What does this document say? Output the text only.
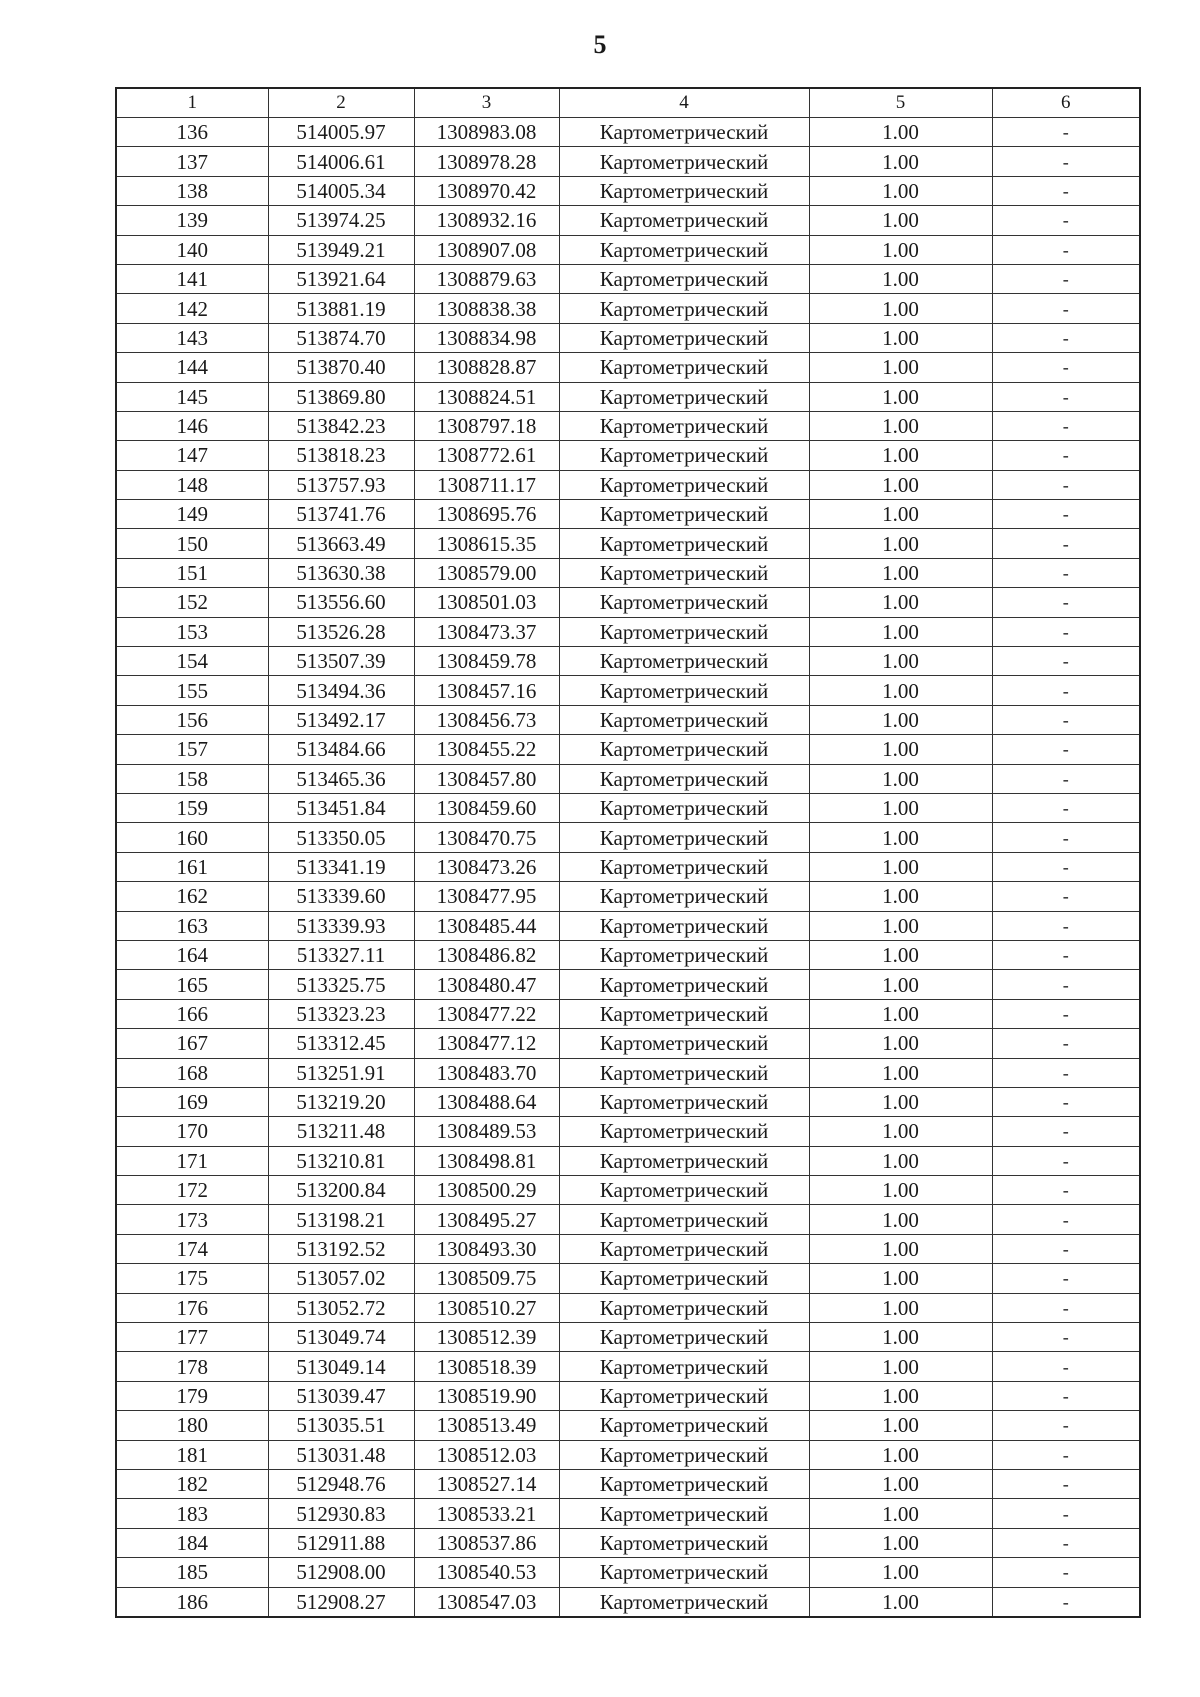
5
1	2	3	4	5	6
136	514005.97	1308983.08	Картометрический	1.00	-
137	514006.61	1308978.28	Картометрический	1.00	-
138	514005.34	1308970.42	Картометрический	1.00	-
139	513974.25	1308932.16	Картометрический	1.00	-
140	513949.21	1308907.08	Картометрический	1.00	-
141	513921.64	1308879.63	Картометрический	1.00	-
142	513881.19	1308838.38	Картометрический	1.00	-
143	513874.70	1308834.98	Картометрический	1.00	-
144	513870.40	1308828.87	Картометрический	1.00	-
145	513869.80	1308824.51	Картометрический	1.00	-
146	513842.23	1308797.18	Картометрический	1.00	-
147	513818.23	1308772.61	Картометрический	1.00	-
148	513757.93	1308711.17	Картометрический	1.00	-
149	513741.76	1308695.76	Картометрический	1.00	-
150	513663.49	1308615.35	Картометрический	1.00	-
151	513630.38	1308579.00	Картометрический	1.00	-
152	513556.60	1308501.03	Картометрический	1.00	-
153	513526.28	1308473.37	Картометрический	1.00	-
154	513507.39	1308459.78	Картометрический	1.00	-
155	513494.36	1308457.16	Картометрический	1.00	-
156	513492.17	1308456.73	Картометрический	1.00	-
157	513484.66	1308455.22	Картометрический	1.00	-
158	513465.36	1308457.80	Картометрический	1.00	-
159	513451.84	1308459.60	Картометрический	1.00	-
160	513350.05	1308470.75	Картометрический	1.00	-
161	513341.19	1308473.26	Картометрический	1.00	-
162	513339.60	1308477.95	Картометрический	1.00	-
163	513339.93	1308485.44	Картометрический	1.00	-
164	513327.11	1308486.82	Картометрический	1.00	-
165	513325.75	1308480.47	Картометрический	1.00	-
166	513323.23	1308477.22	Картометрический	1.00	-
167	513312.45	1308477.12	Картометрический	1.00	-
168	513251.91	1308483.70	Картометрический	1.00	-
169	513219.20	1308488.64	Картометрический	1.00	-
170	513211.48	1308489.53	Картометрический	1.00	-
171	513210.81	1308498.81	Картометрический	1.00	-
172	513200.84	1308500.29	Картометрический	1.00	-
173	513198.21	1308495.27	Картометрический	1.00	-
174	513192.52	1308493.30	Картометрический	1.00	-
175	513057.02	1308509.75	Картометрический	1.00	-
176	513052.72	1308510.27	Картометрический	1.00	-
177	513049.74	1308512.39	Картометрический	1.00	-
178	513049.14	1308518.39	Картометрический	1.00	-
179	513039.47	1308519.90	Картометрический	1.00	-
180	513035.51	1308513.49	Картометрический	1.00	-
181	513031.48	1308512.03	Картометрический	1.00	-
182	512948.76	1308527.14	Картометрический	1.00	-
183	512930.83	1308533.21	Картометрический	1.00	-
184	512911.88	1308537.86	Картометрический	1.00	-
185	512908.00	1308540.53	Картометрический	1.00	-
186	512908.27	1308547.03	Картометрический	1.00	-
